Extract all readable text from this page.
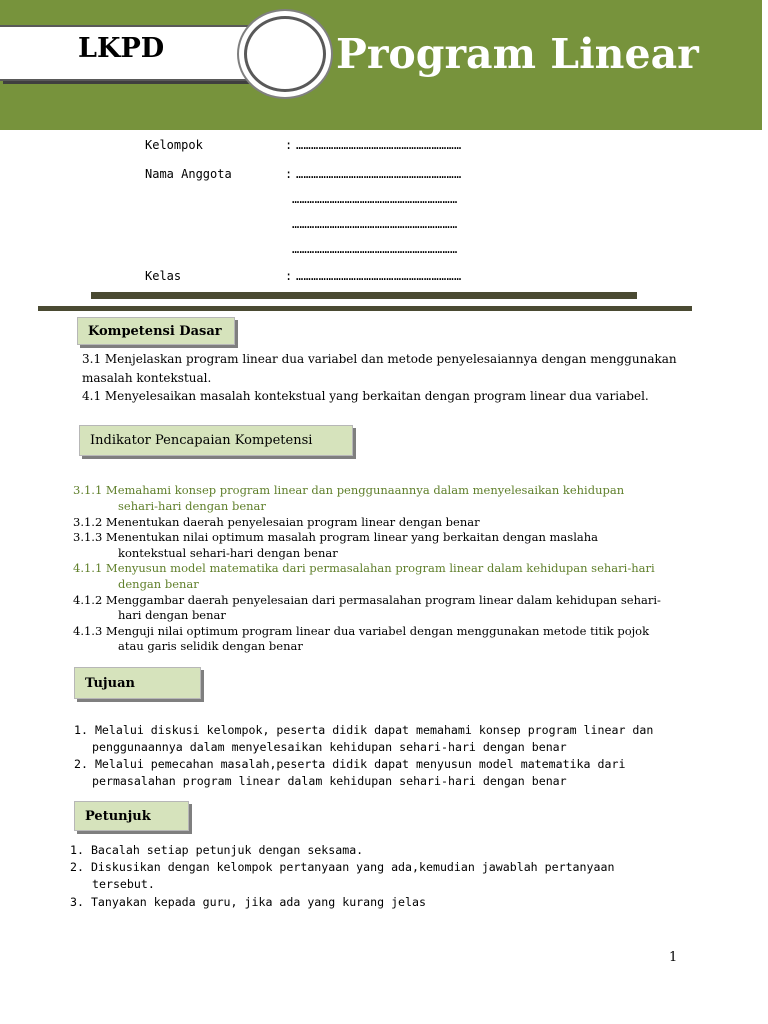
LKPD	Program Linear
Kelompok	: …………………………………………………………
Nama Anggota	: …………………………………………………………
…………………………………………………………
…………………………………………………………
…………………………………………………………
Kelas	: …………………………………………………………
Kompetensi Dasar
3.1 Menjelaskan program linear dua variabel dan metode penyelesaiannya dengan menggunakan
masalah kontekstual.
4.1 Menyelesaikan masalah kontekstual yang berkaitan dengan program linear dua variabel.
Indikator Pencapaian Kompetensi
3.1.1 Memahami konsep program linear dan penggunaannya dalam menyelesaikan kehidupan
sehari-hari dengan benar
3.1.2 Menentukan daerah penyelesaian program linear dengan benar
3.1.3 Menentukan nilai optimum masalah program linear yang berkaitan dengan maslaha
kontekstual sehari-hari dengan benar
4.1.1 Menyusun model matematika dari permasalahan program linear dalam kehidupan sehari-hari
dengan benar
4.1.2 Menggambar daerah penyelesaian dari permasalahan program linear dalam kehidupan sehari-
hari dengan benar
4.1.3 Menguji nilai optimum program linear dua variabel dengan menggunakan metode titik pojok
atau garis selidik dengan benar
Tujuan
1. Melalui diskusi kelompok, peserta didik dapat memahami konsep program linear dan
penggunaannya dalam menyelesaikan kehidupan sehari-hari dengan benar
2. Melalui pemecahan masalah,peserta didik dapat menyusun model matematika dari
permasalahan program linear dalam kehidupan sehari-hari dengan benar
Petunjuk
1. Bacalah setiap petunjuk dengan seksama.
2. Diskusikan dengan kelompok pertanyaan yang ada,kemudian jawablah pertanyaan
tersebut.
3. Tanyakan kepada guru, jika ada yang kurang jelas
1
